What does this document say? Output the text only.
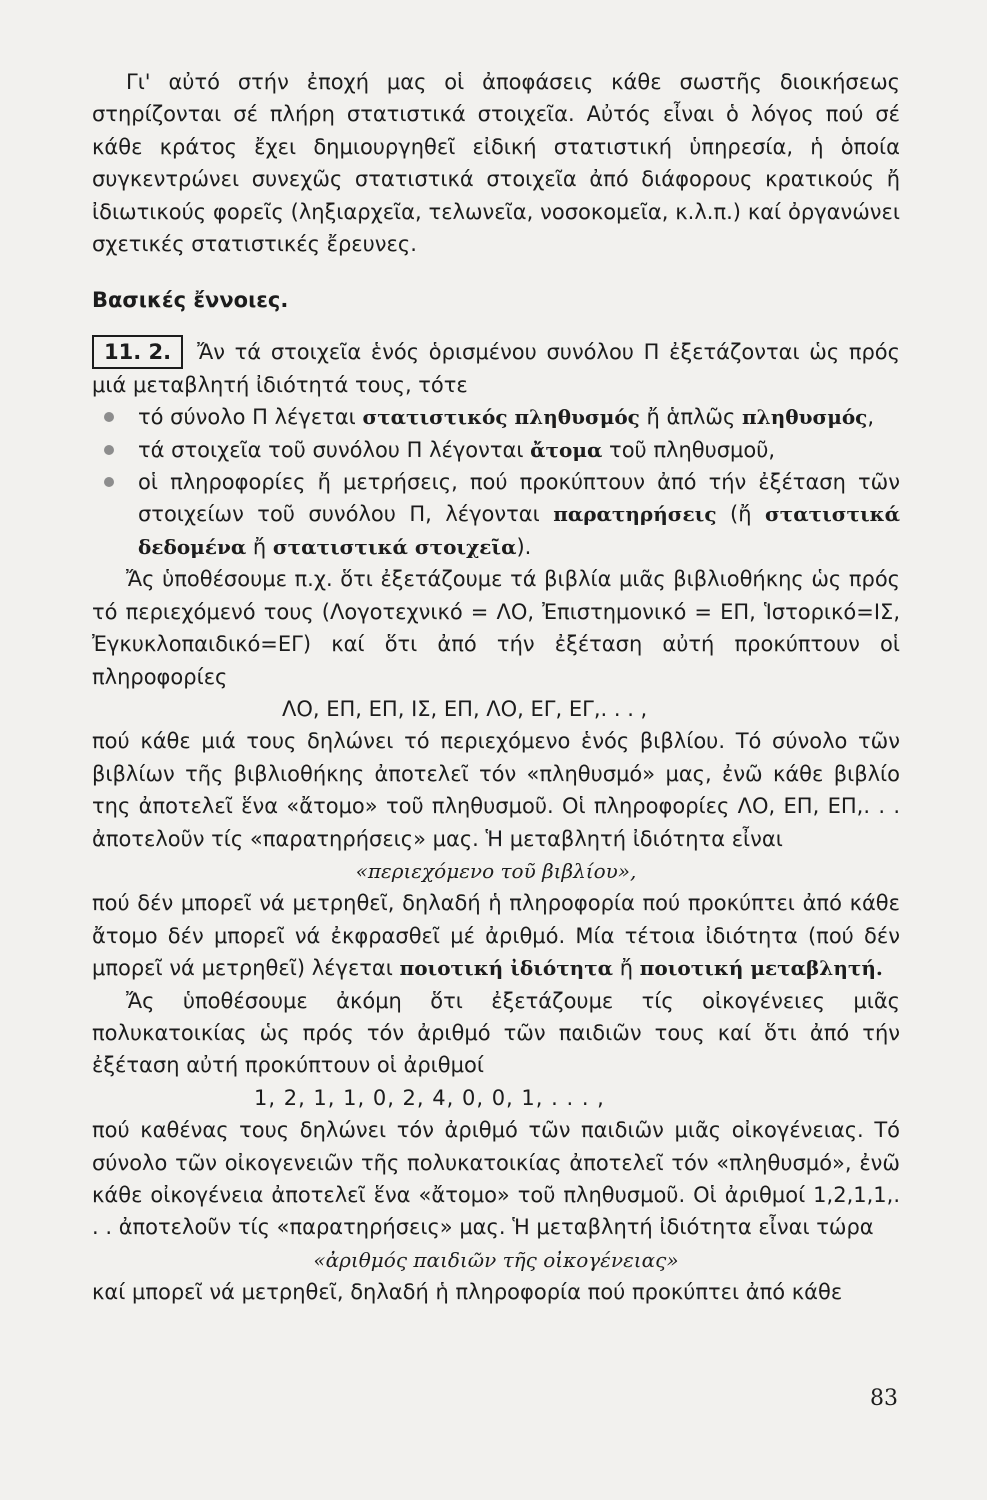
Γι' αὐτό στήν ἐποχή μας οἱ ἀποφάσεις κάθε σωστῆς διοικήσεως στηρίζονται σέ πλήρη στατιστικά στοιχεῖα. Αὐτός εἶναι ὁ λόγος πού σέ κάθε κράτος ἔχει δημιουργηθεῖ εἰδική στατιστική ὑπηρεσία, ἡ ὁποία συγκεντρώνει συνεχῶς στατιστικά στοιχεῖα ἀπό διάφορους κρατικούς ἤ ἰδιωτικούς φορεῖς (ληξιαρχεῖα, τελωνεῖα, νοσοκομεῖα, κ.λ.π.) καί ὀργανώνει σχετικές στατιστικές ἔρευνες.

Βασικές ἔννοιες.

11. 2. Ἄν τά στοιχεῖα ἑνός ὁρισμένου συνόλου Π ἐξετάζονται ὡς πρός μιά μεταβλητή ἰδιότητά τους, τότε

τό σύνολο Π λέγεται στατιστικός πληθυσμός ἤ ἁπλῶς πληθυσμός,

τά στοιχεῖα τοῦ συνόλου Π λέγονται ἄτομα τοῦ πληθυσμοῦ,

οἱ πληροφορίες ἤ μετρήσεις, πού προκύπτουν ἀπό τήν ἐξέταση τῶν στοιχείων τοῦ συνόλου Π, λέγονται παρατηρήσεις (ἤ στατιστικά δεδομένα ἤ στατιστικά στοιχεῖα).

Ἄς ὑποθέσουμε π.χ. ὅτι ἐξετάζουμε τά βιβλία μιᾶς βιβλιοθήκης ὡς πρός τό περιεχόμενό τους (Λογοτεχνικό = ΛΟ, Ἐπιστημονικό = ΕΠ, Ἱστορικό=ΙΣ, Ἐγκυκλοπαιδικό=ΕΓ) καί ὅτι ἀπό τήν ἐξέταση αὐτή προκύπτουν οἱ πληροφορίες

ΛΟ, ΕΠ, ΕΠ, ΙΣ, ΕΠ, ΛΟ, ΕΓ, ΕΓ,. . . ,

πού κάθε μιά τους δηλώνει τό περιεχόμενο ἑνός βιβλίου. Τό σύνολο τῶν βιβλίων τῆς βιβλιοθήκης ἀποτελεῖ τόν «πληθυσμό» μας, ἐνῶ κάθε βιβλίο της ἀποτελεῖ ἕνα «ἄτομο» τοῦ πληθυσμοῦ. Οἱ πληροφορίες ΛΟ, ΕΠ, ΕΠ,. . . ἀποτελοῦν τίς «παρατηρήσεις» μας. Ἡ μεταβλητή ἰδιότητα εἶναι

«περιεχόμενο τοῦ βιβλίου»,

πού δέν μπορεῖ νά μετρηθεῖ, δηλαδή ἡ πληροφορία πού προκύπτει ἀπό κάθε ἄτομο δέν μπορεῖ νά ἐκφρασθεῖ μέ ἀριθμό. Μία τέτοια ἰδιότητα (πού δέν μπορεῖ νά μετρηθεῖ) λέγεται ποιοτική ἰδιότητα ἤ ποιοτική μεταβλητή.

Ἄς ὑποθέσουμε ἀκόμη ὅτι ἐξετάζουμε τίς οἰκογένειες μιᾶς πολυκατοικίας ὡς πρός τόν ἀριθμό τῶν παιδιῶν τους καί ὅτι ἀπό τήν ἐξέταση αὐτή προκύπτουν οἱ ἀριθμοί

1, 2, 1, 1, 0, 2, 4, 0, 0, 1, . . . ,

πού καθένας τους δηλώνει τόν ἀριθμό τῶν παιδιῶν μιᾶς οἰκογένειας. Τό σύνολο τῶν οἰκογενειῶν τῆς πολυκατοικίας ἀποτελεῖ τόν «πληθυσμό», ἐνῶ κάθε οἰκογένεια ἀποτελεῖ ἕνα «ἄτομο» τοῦ πληθυσμοῦ. Οἱ ἀριθμοί 1,2,1,1,. . . ἀποτελοῦν τίς «παρατηρήσεις» μας. Ἡ μεταβλητή ἰδιότητα εἶναι τώρα

«ἀριθμός παιδιῶν τῆς οἰκογένειας»

καί μπορεῖ νά μετρηθεῖ, δηλαδή ἡ πληροφορία πού προκύπτει ἀπό κάθε

83
